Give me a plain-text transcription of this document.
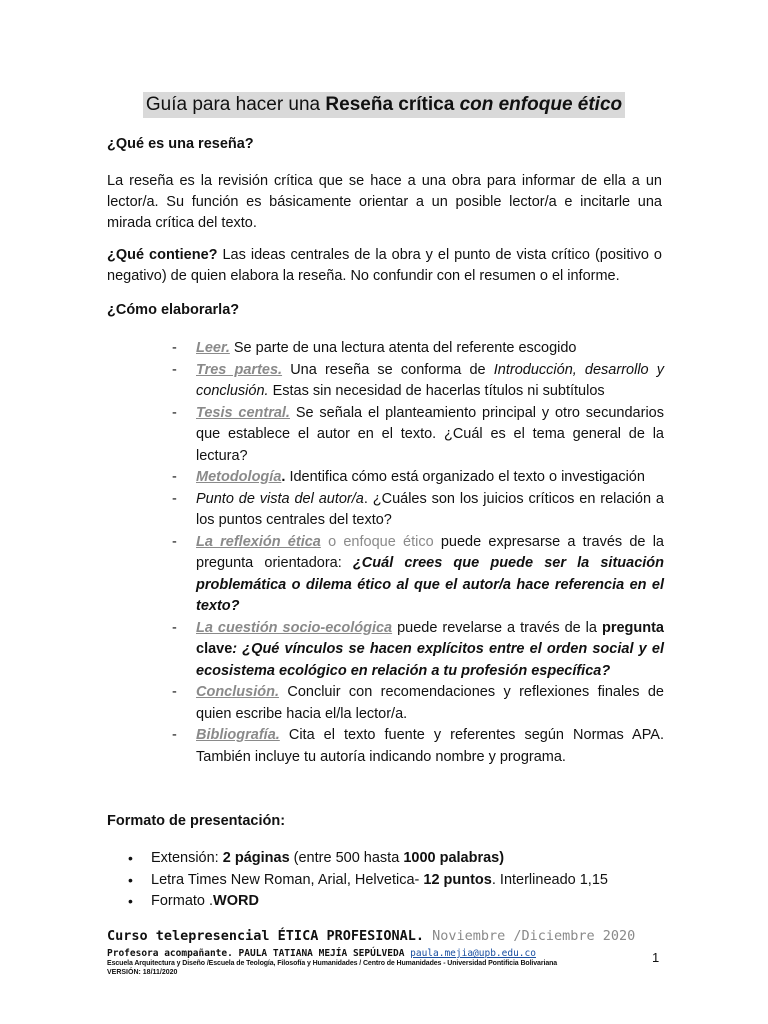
Guía para hacer una Reseña crítica con enfoque ético
¿Qué es una reseña?
La reseña es la revisión crítica que se hace a una obra para informar de ella a un lector/a. Su función es básicamente orientar a un posible lector/a e incitarle una mirada crítica del texto.
¿Qué contiene? Las ideas centrales de la obra y el punto de vista crítico (positivo o negativo) de quien elabora la reseña. No confundir con el resumen o el informe.
¿Cómo elaborarla?
- Leer. Se parte de una lectura atenta del referente escogido
- Tres partes. Una reseña se conforma de Introducción, desarrollo y conclusión. Estas sin necesidad de hacerlas títulos ni subtítulos
- Tesis central. Se señala el planteamiento principal y otro secundarios que establece el autor en el texto. ¿Cuál es el tema general de la lectura?
- Metodología. Identifica cómo está organizado el texto o investigación
- Punto de vista del autor/a. ¿Cuáles son los juicios críticos en relación a los puntos centrales del texto?
- La reflexión ética o enfoque ético puede expresarse a través de la pregunta orientadora: ¿Cuál crees que puede ser la situación problemática o dilema ético al que el autor/a hace referencia en el texto?
- La cuestión socio-ecológica puede revelarse a través de la pregunta clave: ¿Qué vínculos se hacen explícitos entre el orden social y el ecosistema ecológico en relación a tu profesión específica?
- Conclusión. Concluir con recomendaciones y reflexiones finales de quien escribe hacia el/la lector/a.
- Bibliografía. Cita el texto fuente y referentes según Normas APA. También incluye tu autoría indicando nombre y programa.
Formato de presentación:
• Extensión: 2 páginas (entre 500 hasta 1000 palabras)
• Letra Times New Roman, Arial, Helvetica- 12 puntos. Interlineado 1,15
• Formato .WORD
Curso telepresencial ÉTICA PROFESIONAL. Noviembre /Diciembre 2020
Profesora acompañante. PAULA TATIANA MEJÍA SEPÚLVEDA paula.mejia@upb.edu.co
Escuela Arquitectura y Diseño /Escuela de Teología, Filosofía y Humanidades / Centro de Humanidades - Universidad Pontificia Bolivariana
VERSIÓN: 18/11/2020
1
